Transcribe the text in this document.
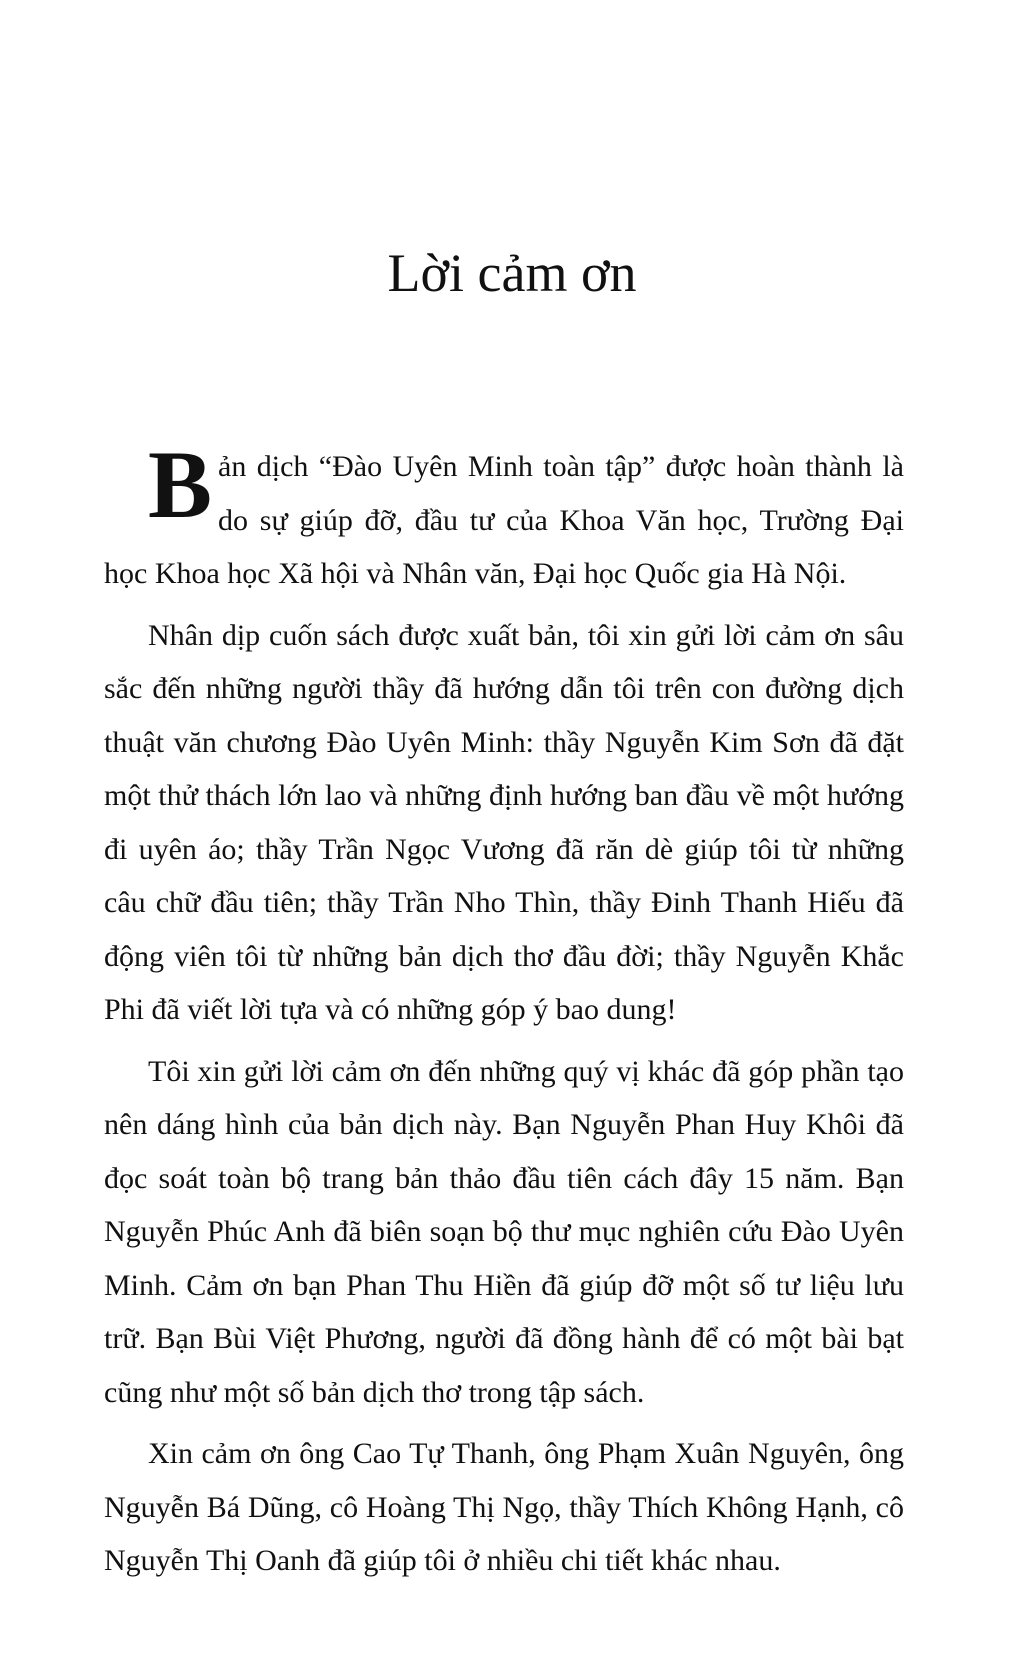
Lời cảm ơn

Bản dịch “Đào Uyên Minh toàn tập” được hoàn thành là do sự giúp đỡ, đầu tư của Khoa Văn học, Trường Đại học Khoa học Xã hội và Nhân văn, Đại học Quốc gia Hà Nội.

Nhân dịp cuốn sách được xuất bản, tôi xin gửi lời cảm ơn sâu sắc đến những người thầy đã hướng dẫn tôi trên con đường dịch thuật văn chương Đào Uyên Minh: thầy Nguyễn Kim Sơn đã đặt một thử thách lớn lao và những định hướng ban đầu về một hướng đi uyên áo; thầy Trần Ngọc Vương đã răn dè giúp tôi từ những câu chữ đầu tiên; thầy Trần Nho Thìn, thầy Đinh Thanh Hiếu đã động viên tôi từ những bản dịch thơ đầu đời; thầy Nguyễn Khắc Phi đã viết lời tựa và có những góp ý bao dung!

Tôi xin gửi lời cảm ơn đến những quý vị khác đã góp phần tạo nên dáng hình của bản dịch này. Bạn Nguyễn Phan Huy Khôi đã đọc soát toàn bộ trang bản thảo đầu tiên cách đây 15 năm. Bạn Nguyễn Phúc Anh đã biên soạn bộ thư mục nghiên cứu Đào Uyên Minh. Cảm ơn bạn Phan Thu Hiền đã giúp đỡ một số tư liệu lưu trữ. Bạn Bùi Việt Phương, người đã đồng hành để có một bài bạt cũng như một số bản dịch thơ trong tập sách.

Xin cảm ơn ông Cao Tự Thanh, ông Phạm Xuân Nguyên, ông Nguyễn Bá Dũng, cô Hoàng Thị Ngọ, thầy Thích Không Hạnh, cô Nguyễn Thị Oanh đã giúp tôi ở nhiều chi tiết khác nhau.
